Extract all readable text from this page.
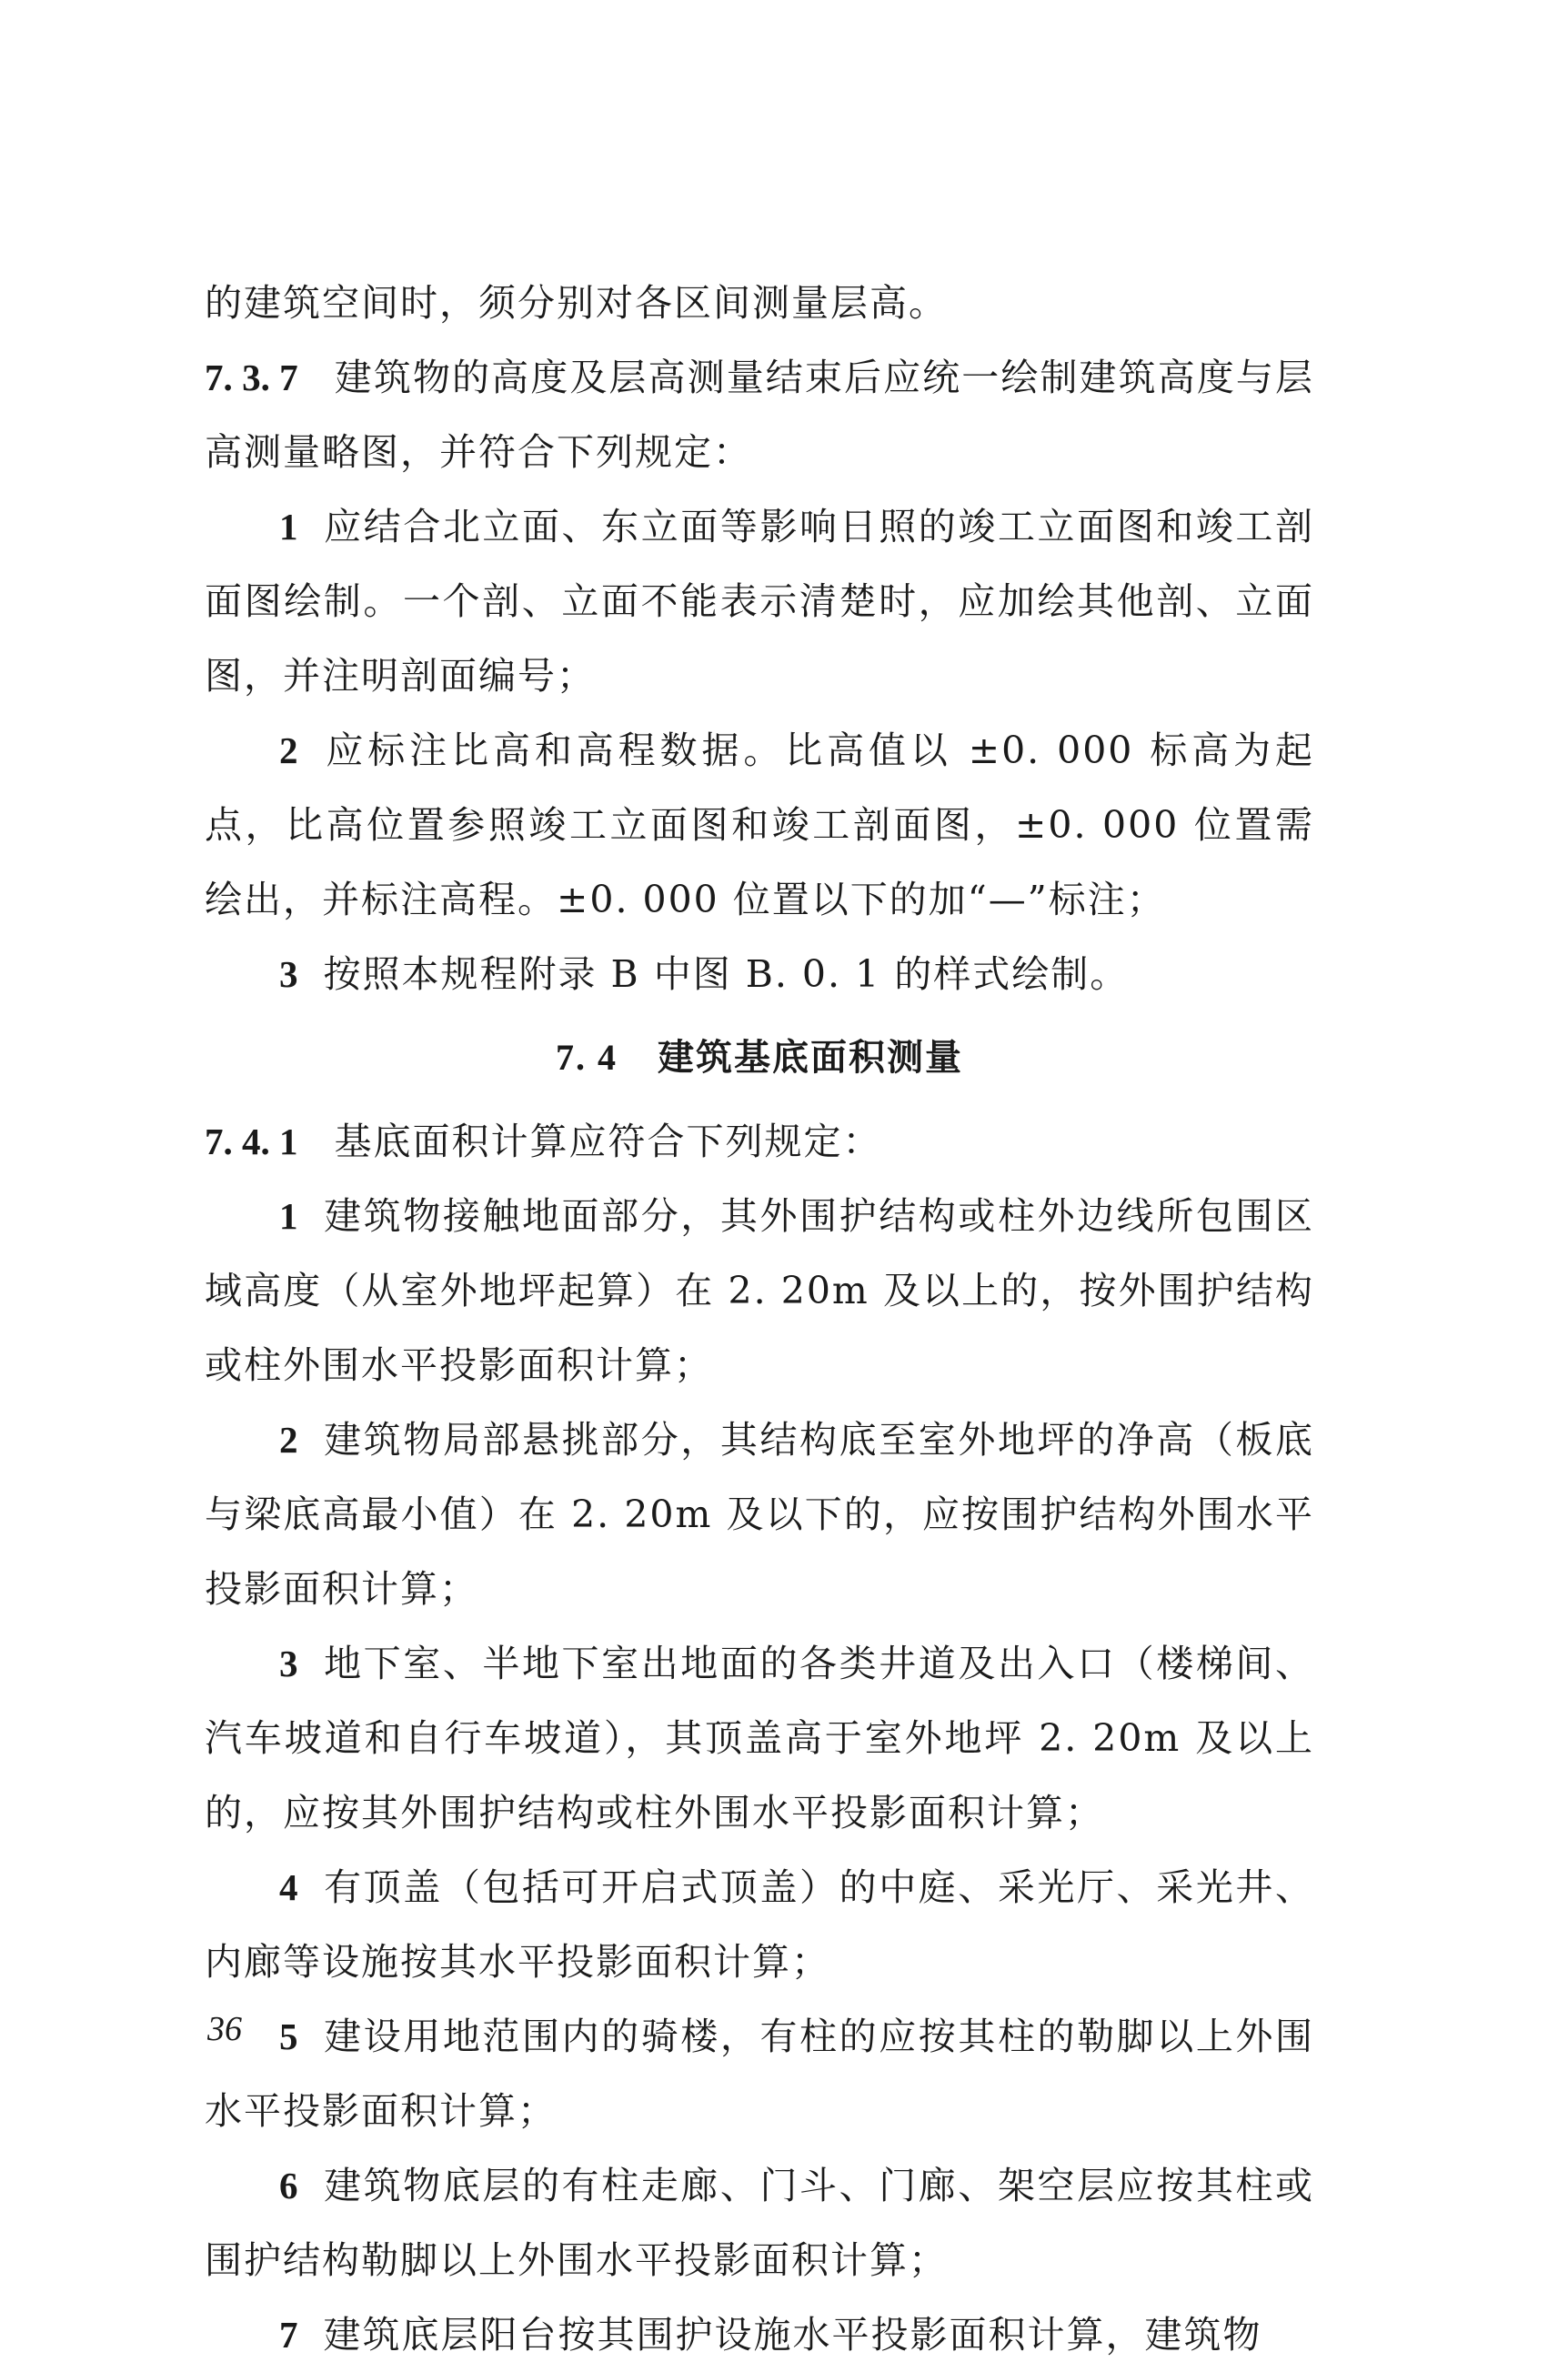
的建筑空间时，须分别对各区间测量层高。

7. 3. 7 建筑物的高度及层高测量结束后应统一绘制建筑高度与层高测量略图，并符合下列规定：

1 应结合北立面、东立面等影响日照的竣工立面图和竣工剖面图绘制。一个剖、立面不能表示清楚时，应加绘其他剖、立面图，并注明剖面编号；

2 应标注比高和高程数据。比高值以 ±0. 000 标高为起点，比高位置参照竣工立面图和竣工剖面图，±0. 000 位置需绘出，并标注高程。±0. 000 位置以下的加“—”标注；

3 按照本规程附录 B 中图 B. 0. 1 的样式绘制。

7. 4 建筑基底面积测量

7. 4. 1 基底面积计算应符合下列规定：

1 建筑物接触地面部分，其外围护结构或柱外边线所包围区域高度（从室外地坪起算）在 2. 20m 及以上的，按外围护结构或柱外围水平投影面积计算；

2 建筑物局部悬挑部分，其结构底至室外地坪的净高（板底与梁底高最小值）在 2. 20m 及以下的，应按围护结构外围水平投影面积计算；

3 地下室、半地下室出地面的各类井道及出入口（楼梯间、汽车坡道和自行车坡道），其顶盖高于室外地坪 2. 20m 及以上的，应按其外围护结构或柱外围水平投影面积计算；

4 有顶盖（包括可开启式顶盖）的中庭、采光厅、采光井、内廊等设施按其水平投影面积计算；

5 建设用地范围内的骑楼，有柱的应按其柱的勒脚以上外围水平投影面积计算；

6 建筑物底层的有柱走廊、门斗、门廊、架空层应按其柱或围护结构勒脚以上外围水平投影面积计算；

7 建筑底层阳台按其围护设施水平投影面积计算，建筑物

36
